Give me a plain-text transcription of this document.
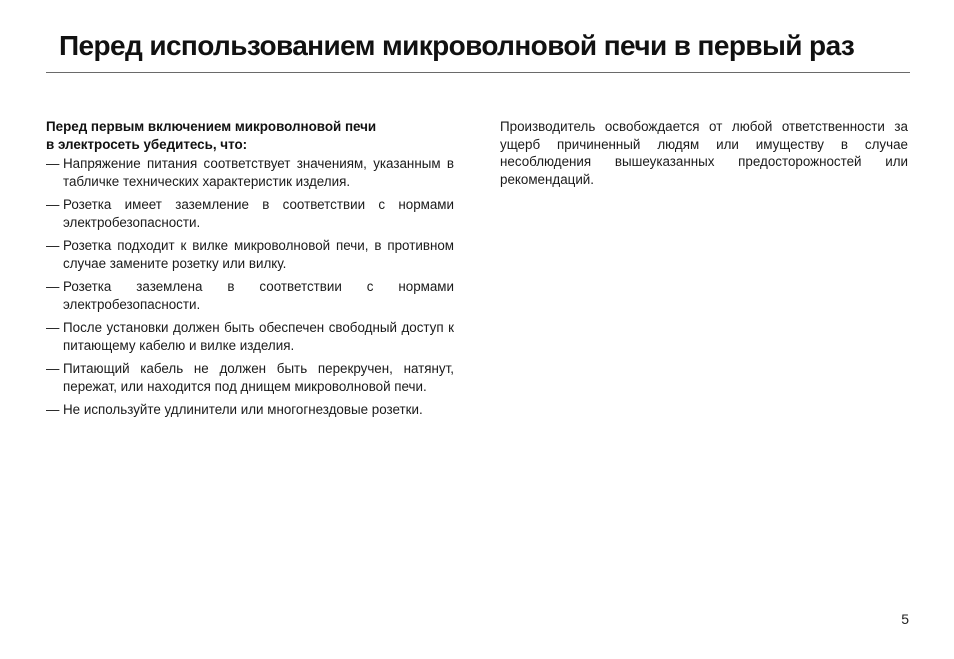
Перед использованием микроволновой печи в первый раз

Перед первым включением микроволновой печи
в электросеть убедитесь, что:

— Напряжение питания соответствует значениям, указанным в табличке технических характеристик изделия.
— Розетка имеет заземление в соответствии с нормами электробезопасности.
— Розетка подходит к вилке микроволновой печи, в противном случае замените розетку или вилку.
— Розетка заземлена в соответствии с нормами электробезопасности.
— После установки должен быть обеспечен свободный доступ к питающему кабелю и вилке изделия.
— Питающий кабель не должен быть перекручен, натянут, пережат, или находится под днищем микроволновой печи.
— Не используйте удлинители или многогнездовые розетки.

Производитель освобождается от любой ответственности за ущерб причиненный людям или имуществу в случае несоблюдения вышеуказанных предосторожностей или рекомендаций.

5
